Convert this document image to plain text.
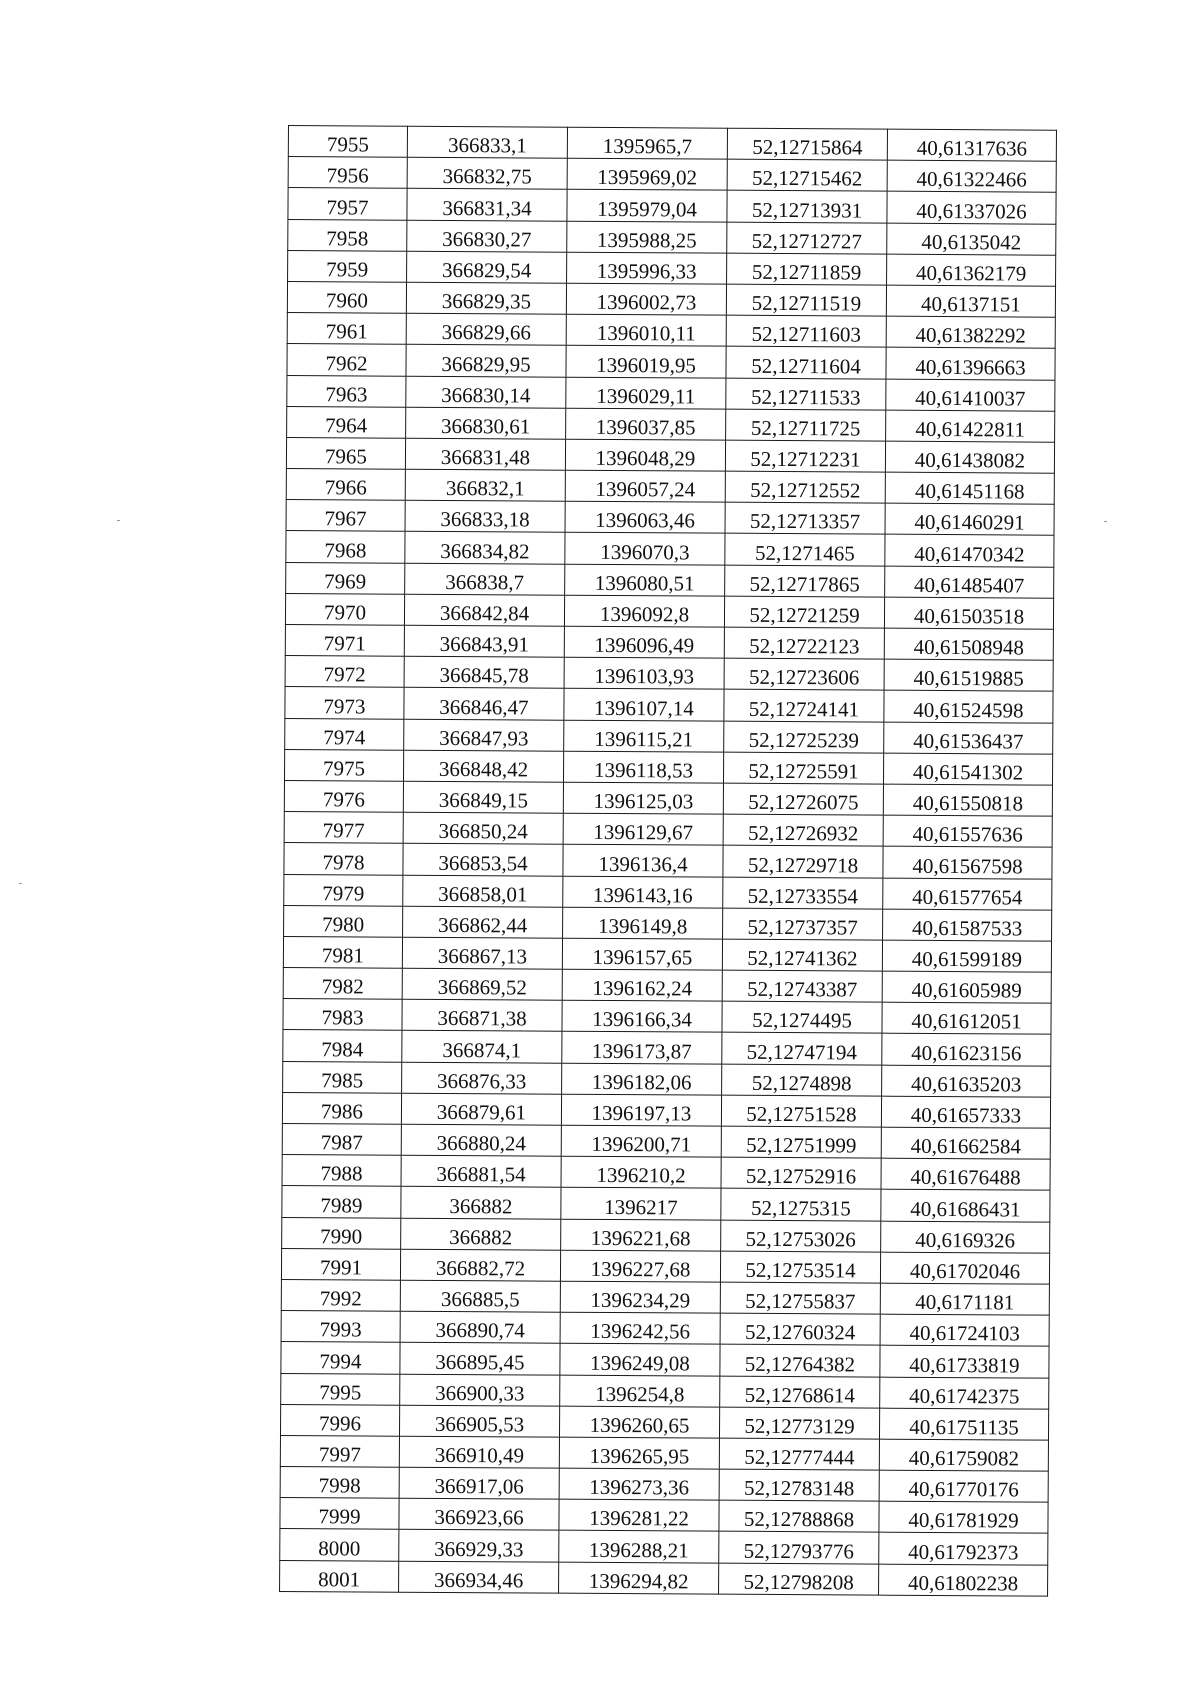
7955	366833,1	1395965,7	52,12715864	40,61317636
7956	366832,75	1395969,02	52,12715462	40,61322466
7957	366831,34	1395979,04	52,12713931	40,61337026
7958	366830,27	1395988,25	52,12712727	40,6135042
7959	366829,54	1395996,33	52,12711859	40,61362179
7960	366829,35	1396002,73	52,12711519	40,6137151
7961	366829,66	1396010,11	52,12711603	40,61382292
7962	366829,95	1396019,95	52,12711604	40,61396663
7963	366830,14	1396029,11	52,12711533	40,61410037
7964	366830,61	1396037,85	52,12711725	40,61422811
7965	366831,48	1396048,29	52,12712231	40,61438082
7966	366832,1	1396057,24	52,12712552	40,61451168
7967	366833,18	1396063,46	52,12713357	40,61460291
7968	366834,82	1396070,3	52,1271465	40,61470342
7969	366838,7	1396080,51	52,12717865	40,61485407
7970	366842,84	1396092,8	52,12721259	40,61503518
7971	366843,91	1396096,49	52,12722123	40,61508948
7972	366845,78	1396103,93	52,12723606	40,61519885
7973	366846,47	1396107,14	52,12724141	40,61524598
7974	366847,93	1396115,21	52,12725239	40,61536437
7975	366848,42	1396118,53	52,12725591	40,61541302
7976	366849,15	1396125,03	52,12726075	40,61550818
7977	366850,24	1396129,67	52,12726932	40,61557636
7978	366853,54	1396136,4	52,12729718	40,61567598
7979	366858,01	1396143,16	52,12733554	40,61577654
7980	366862,44	1396149,8	52,12737357	40,61587533
7981	366867,13	1396157,65	52,12741362	40,61599189
7982	366869,52	1396162,24	52,12743387	40,61605989
7983	366871,38	1396166,34	52,1274495	40,61612051
7984	366874,1	1396173,87	52,12747194	40,61623156
7985	366876,33	1396182,06	52,1274898	40,61635203
7986	366879,61	1396197,13	52,12751528	40,61657333
7987	366880,24	1396200,71	52,12751999	40,61662584
7988	366881,54	1396210,2	52,12752916	40,61676488
7989	366882	1396217	52,1275315	40,61686431
7990	366882	1396221,68	52,12753026	40,6169326
7991	366882,72	1396227,68	52,12753514	40,61702046
7992	366885,5	1396234,29	52,12755837	40,6171181
7993	366890,74	1396242,56	52,12760324	40,61724103
7994	366895,45	1396249,08	52,12764382	40,61733819
7995	366900,33	1396254,8	52,12768614	40,61742375
7996	366905,53	1396260,65	52,12773129	40,61751135
7997	366910,49	1396265,95	52,12777444	40,61759082
7998	366917,06	1396273,36	52,12783148	40,61770176
7999	366923,66	1396281,22	52,12788868	40,61781929
8000	366929,33	1396288,21	52,12793776	40,61792373
8001	366934,46	1396294,82	52,12798208	40,61802238
